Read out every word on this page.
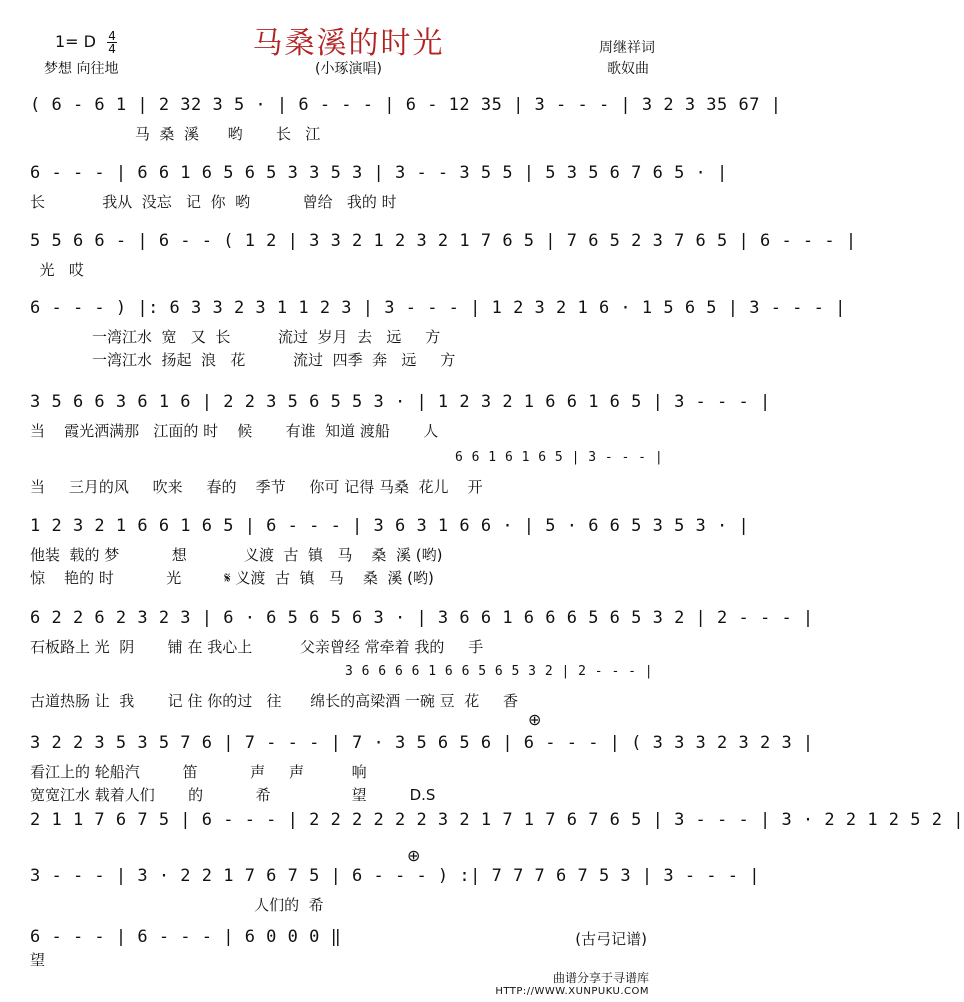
1= D $\frac{4}{4}$	马桑溪的时光
(小琢演唱)
周继祥词
歌奴曲
梦想 向往地
( 6 - 6 1 | 2 32 3 5 · | 6 - - - | 6 - 12 35 | 3 - - - | 3 2 3 35 67 |
马  桑  溪      哟       长   江
6 - - - | 6 6 1 6 5 6 5 3 3 5 3 | 3 - - 3 5 5 | 5 3 5 6 7 6 5 · |
长            我从  没忘   记  你  哟           曾给   我的 时
5 5 6 6 - | 6 - - ( 1 2 | 3 3 2 1 2 3 2 1 7 6 5 | 7 6 5 2 3 7 6 5 | 6 - - - |
光   哎
6 - - - ) |: 6 3 3 2 3 1 1 2 3 | 3 - - - | 1 2 3 2 1 6 · 1 5 6 5 | 3 - - - |
一湾江水  宽   又  长          流过  岁月  去   远     方
一湾江水  扬起  浪   花          流过  四季  奔   远     方
3 5 6 6 3 6 1 6 | 2 2 3 5 6 5 5 3 · | 1 2 3 2 1 6 6 1 6 5 | 3 - - - |
当    霞光洒满那   江面的 时    候       有谁  知道 渡船       人
6 6 1 6 1 6 5 | 3 - - - |
当     三月的风     吹来     春的    季节     你可 记得 马桑  花儿    开
1 2 3 2 1 6 6 1 6 5 | 6 - - - | 3 6 3 1 6 6 · | 5 · 6 6 5 3 5 3 · |
他装  载的 梦           想            义渡  古  镇   马    桑  溪 (哟)
惊    艳的 时           光         𝄋 义渡  古  镇   马    桑  溪 (哟)
6 2 2 6 2 3 2 3 | 6 · 6 5 6 5 6 3 · | 3 6 6 1 6 6 6 5 6 5 3 2 | 2 - - - |
石板路上 光  阴       铺 在 我心上          父亲曾经 常牵着 我的     手
3 6 6 6 6 1 6 6 5 6 5 3 2 | 2 - - - |
古道热肠 让  我       记 住 你的过   往      绵长的高梁酒 一碗 豆  花     香
⊕
3 2 2 3 5 3 5 7 6 | 7 - - - | 7 · 3 5 6 5 6 | 6 - - - | ( 3 3 3 2 3 2 3 |
看江上的 轮船汽         笛           声     声          响
宽宽江水 载着人们       的           希                 望         D.S
2 1 1 7 6 7 5 | 6 - - - | 2 2 2 2 2 2 3 2 1 7 1 7 6 7 6 5 | 3 - - - | 3 · 2 2 1 2 5 2 |
⊕
3 - - - | 3 · 2 2 1 7 6 7 5 | 6 - - - ) :| 7 7 7 6 7 5 3 | 3 - - - |
人们的  希
6 - - - | 6 - - - | 6 0 0 0 ‖
望
(古弓记谱)
曲谱分享于寻谱库
HTTP://WWW.XUNPUKU.COM
